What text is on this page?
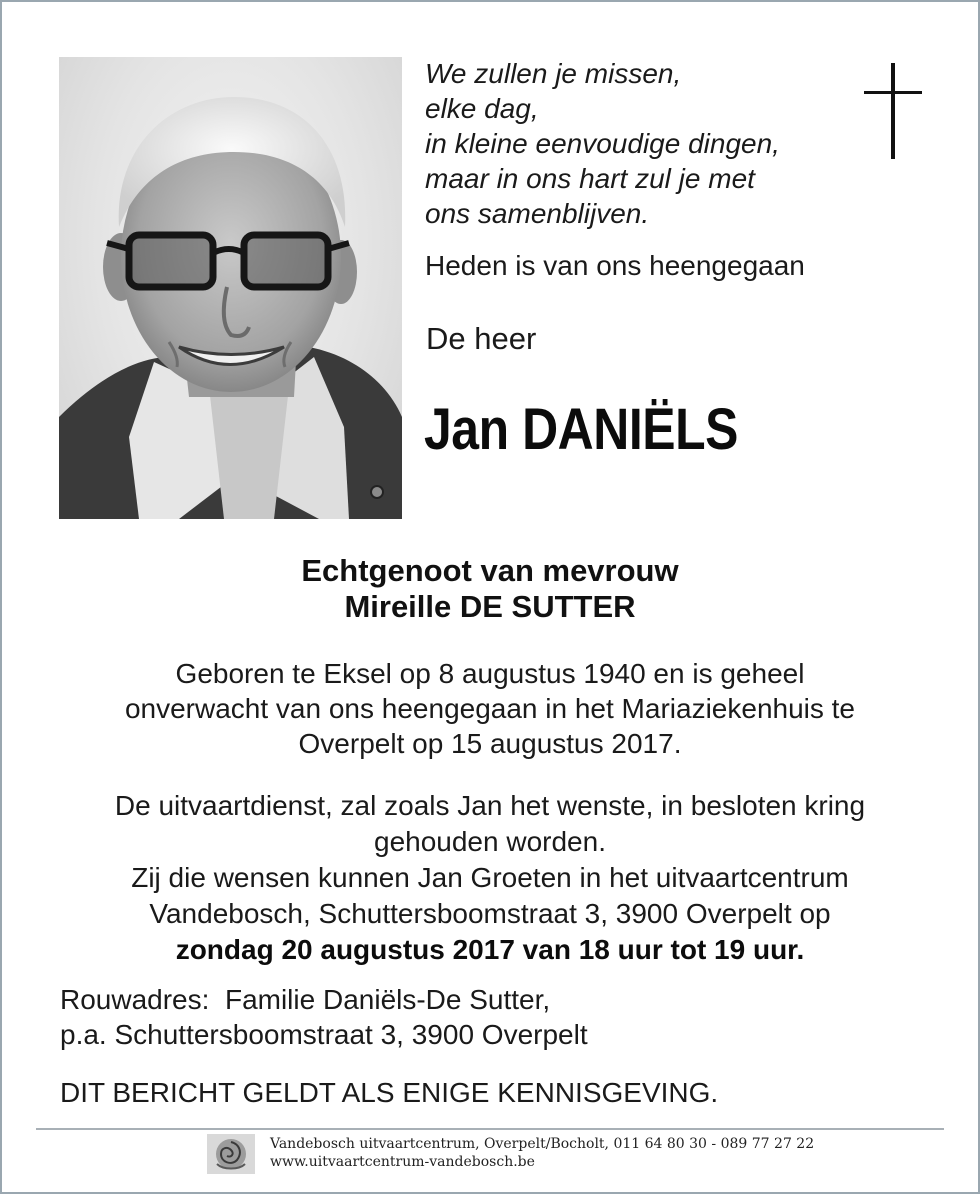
We zullen je missen,
elke dag,
in kleine eenvoudige dingen,
maar in ons hart zul je met
ons samenblijven.
Heden is van ons heengegaan
De heer
Jan DANIËLS
Echtgenoot van mevrouw
Mireille DE SUTTER
Geboren te Eksel op 8 augustus 1940 en is geheel
onverwacht van ons heengegaan in het Mariaziekenhuis te
Overpelt op 15 augustus 2017.
De uitvaartdienst, zal zoals Jan het wenste, in besloten kring
gehouden worden.
Zij die wensen kunnen Jan Groeten in het uitvaartcentrum
Vandebosch, Schuttersboomstraat 3, 3900 Overpelt op
zondag 20 augustus 2017 van 18 uur tot 19 uur.
Rouwadres:  Familie Daniëls-De Sutter,
p.a. Schuttersboomstraat 3, 3900 Overpelt
DIT BERICHT GELDT ALS ENIGE KENNISGEVING.
Vandebosch uitvaartcentrum, Overpelt/Bocholt, 011 64 80 30 - 089 77 27 22
www.uitvaartcentrum-vandebosch.be
